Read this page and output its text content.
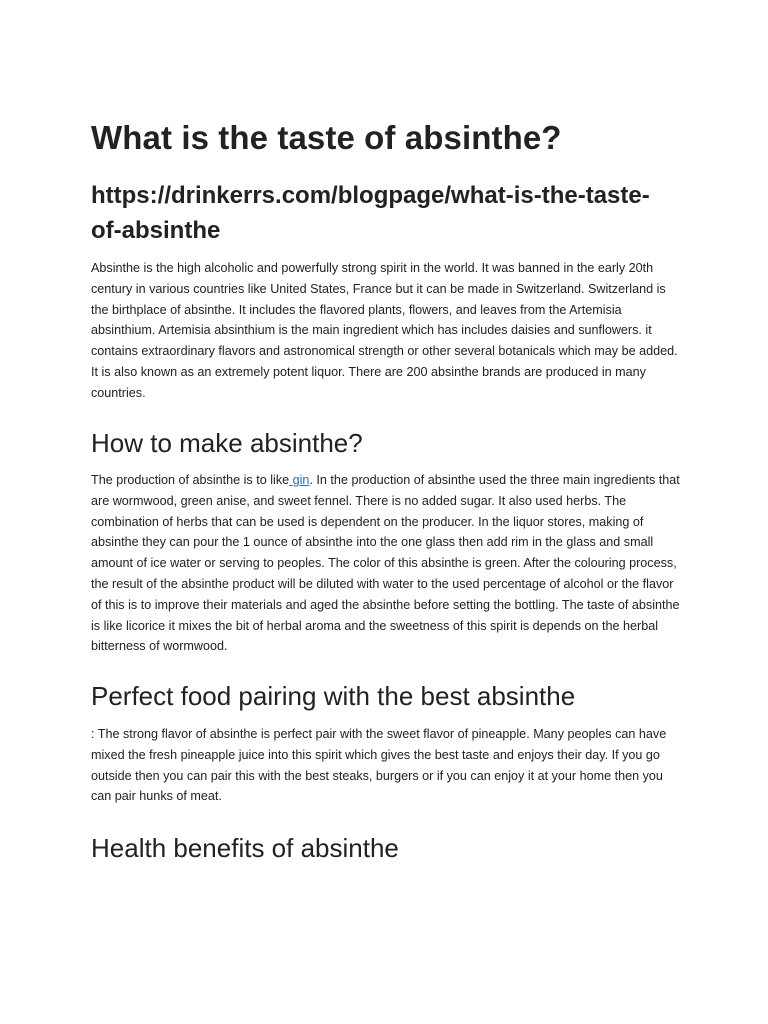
What is the taste of absinthe?
https://drinkerrs.com/blogpage/what-is-the-taste-of-absinthe

Absinthe is the high alcoholic and powerfully strong spirit in the world. It was banned in the early 20th century in various countries like United States, France but it can be made in Switzerland. Switzerland is the birthplace of absinthe. It includes the flavored plants, flowers, and leaves from the Artemisia absinthium. Artemisia absinthium is the main ingredient which has includes daisies and sunflowers. it contains extraordinary flavors and astronomical strength or other several botanicals which may be added. It is also known as an extremely potent liquor. There are 200 absinthe brands are produced in many countries.

How to make absinthe?

The production of absinthe is to like gin. In the production of absinthe used the three main ingredients that are wormwood, green anise, and sweet fennel. There is no added sugar. It also used herbs. The combination of herbs that can be used is dependent on the producer. In the liquor stores, making of absinthe they can pour the 1 ounce of absinthe into the one glass then add rim in the glass and small amount of ice water or serving to peoples. The color of this absinthe is green. After the colouring process, the result of the absinthe product will be diluted with water to the used percentage of alcohol or the flavor of this is to improve their materials and aged the absinthe before setting the bottling. The taste of absinthe is like licorice it mixes the bit of herbal aroma and the sweetness of this spirit is depends on the herbal bitterness of wormwood.

Perfect food pairing with the best absinthe

: The strong flavor of absinthe is perfect pair with the sweet flavor of pineapple. Many peoples can have mixed the fresh pineapple juice into this spirit which gives the best taste and enjoys their day. If you go outside then you can pair this with the best steaks, burgers or if you can enjoy it at your home then you can pair hunks of meat.

Health benefits of absinthe
